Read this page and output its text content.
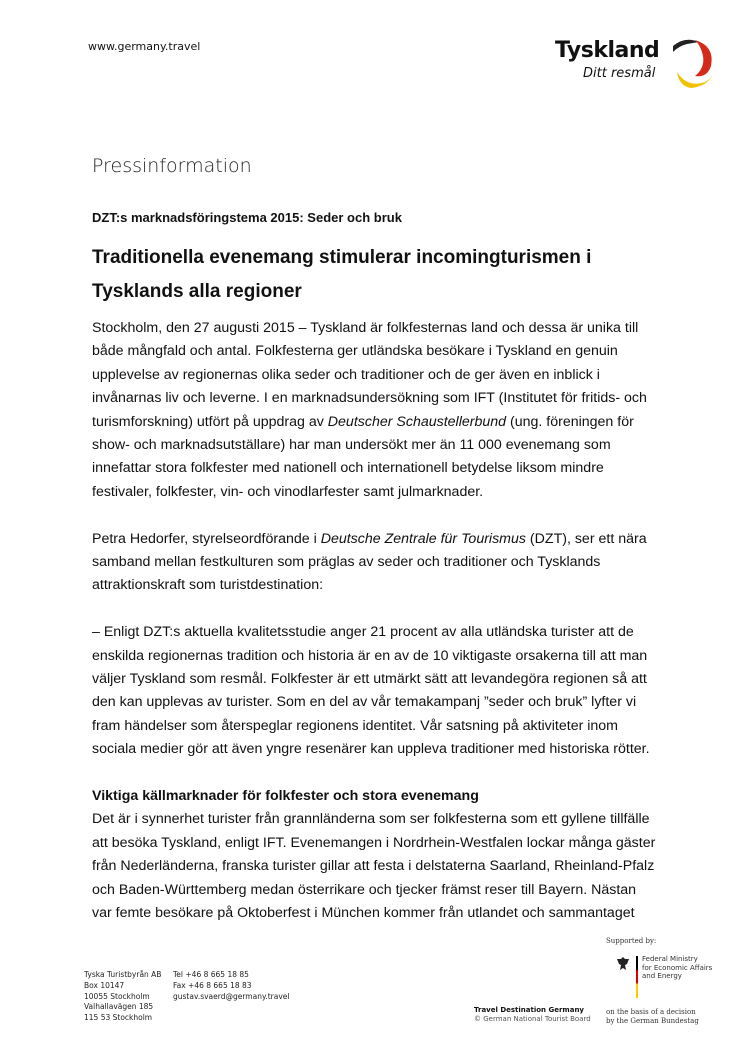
www.germany.travel	Tyskland
Ditt resmål
Pressinformation
DZT:s marknadsföringstema 2015: Seder och bruk
Traditionella evenemang stimulerar incomingturismen i
Tysklands alla regioner
Stockholm, den 27 augusti 2015 – Tyskland är folkfesternas land och dessa är unika till
både mångfald och antal. Folkfesterna ger utländska besökare i Tyskland en genuin
upplevelse av regionernas olika seder och traditioner och de ger även en inblick i
invånarnas liv och leverne. I en marknadsundersökning som IFT (Institutet för fritids- och
turismforskning) utfört på uppdrag av Deutscher Schaustellerbund (ung. föreningen för
show- och marknadsutställare) har man undersökt mer än 11 000 evenemang som
innefattar stora folkfester med nationell och internationell betydelse liksom mindre
festivaler, folkfester, vin- och vinodlarfester samt julmarknader.
Petra Hedorfer, styrelseordförande i Deutsche Zentrale für Tourismus (DZT), ser ett nära
samband mellan festkulturen som präglas av seder och traditioner och Tysklands
attraktionskraft som turistdestination:
– Enligt DZT:s aktuella kvalitetsstudie anger 21 procent av alla utländska turister att de
enskilda regionernas tradition och historia är en av de 10 viktigaste orsakerna till att man
väljer Tyskland som resmål. Folkfester är ett utmärkt sätt att levandegöra regionen så att
den kan upplevas av turister. Som en del av vår temakampanj ”seder och bruk” lyfter vi
fram händelser som återspeglar regionens identitet. Vår satsning på aktiviteter inom
sociala medier gör att även yngre resenärer kan uppleva traditioner med historiska rötter.
Viktiga källmarknader för folkfester och stora evenemang
Det är i synnerhet turister från grannländerna som ser folkfesterna som ett gyllene tillfälle
att besöka Tyskland, enligt IFT. Evenemangen i Nordrhein-Westfalen lockar många gäster
från Nederländerna, franska turister gillar att festa i delstaterna Saarland, Rheinland-Pfalz
och Baden-Württemberg medan österrikare och tjecker främst reser till Bayern. Nästan
var femte besökare på Oktoberfest i München kommer från utlandet och sammantaget
Tyska Turistbyrån AB
Box 10147
10055 Stockholm
Valhallavägen 185
115 53 Stockholm
Tel +46 8 665 18 85
Fax +46 8 665 18 83
gustav.svaerd@germany.travel
Supported by:
Federal Ministry
for Economic Affairs
and Energy
Travel Destination Germany
© German National Tourist Board
on the basis of a decision
by the German Bundestag
